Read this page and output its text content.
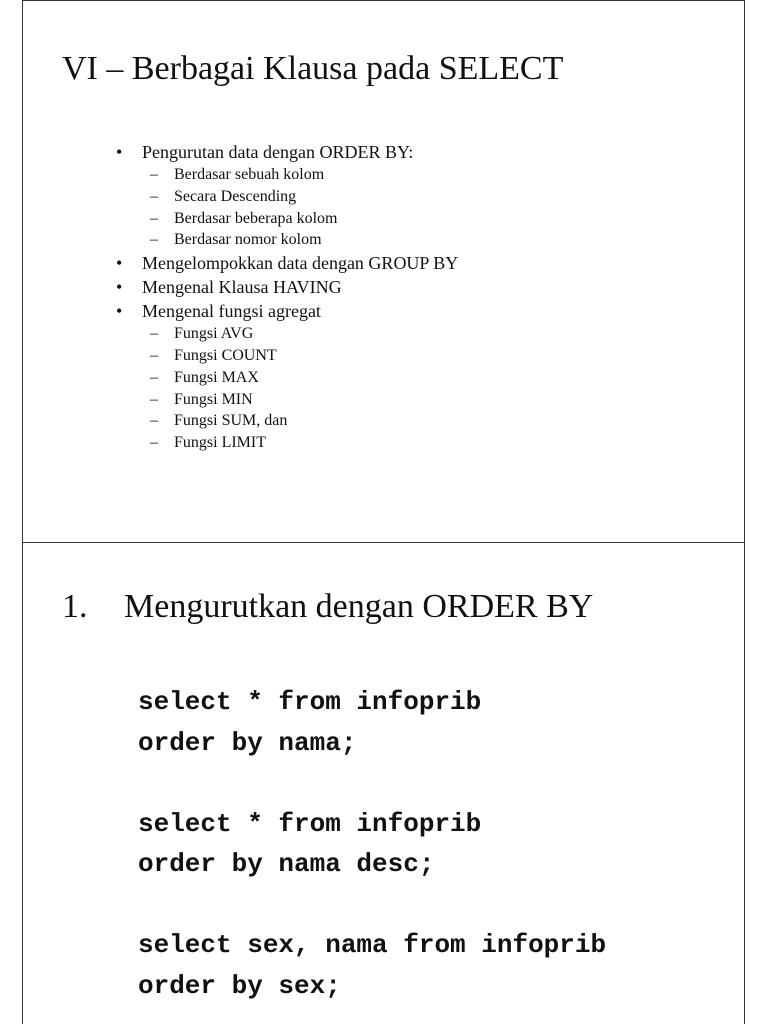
VI – Berbagai Klausa pada SELECT
• Pengurutan data dengan ORDER BY:
– Berdasar sebuah kolom
– Secara Descending
– Berdasar beberapa kolom
– Berdasar nomor kolom
• Mengelompokkan data dengan GROUP BY
• Mengenal Klausa HAVING
• Mengenal fungsi agregat
– Fungsi AVG
– Fungsi COUNT
– Fungsi MAX
– Fungsi MIN
– Fungsi SUM, dan
– Fungsi LIMIT
1. Mengurutkan dengan ORDER BY
select * from infoprib
order by nama;

select * from infoprib
order by nama desc;

select sex, nama from infoprib
order by sex;
